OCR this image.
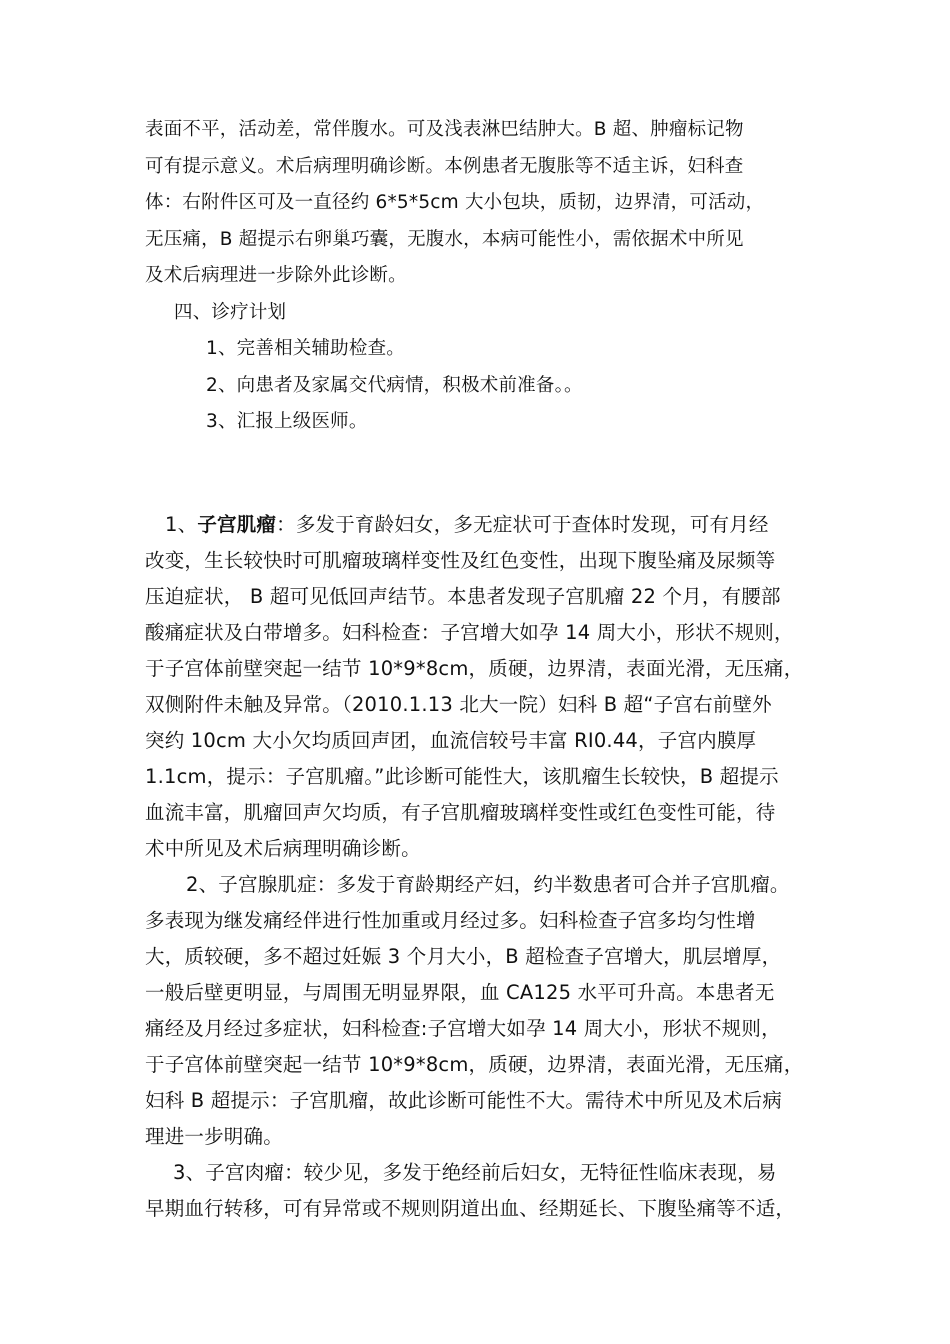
表面不平，活动差，常伴腹水。可及浅表淋巴结肿大。B 超、肿瘤标记物
可有提示意义。术后病理明确诊断。本例患者无腹胀等不适主诉，妇科查
体：右附件区可及一直径约 6*5*5cm 大小包块，质韧，边界清，可活动，
无压痛，B 超提示右卵巢巧囊，无腹水，本病可能性小，需依据术中所见
及术后病理进一步除外此诊断。
四、诊疗计划
1、完善相关辅助检查。
2、向患者及家属交代病情，积极术前准备。。
3、汇报上级医师。
1、子宫肌瘤：多发于育龄妇女，多无症状可于查体时发现，可有月经
改变，生长较快时可肌瘤玻璃样变性及红色变性，出现下腹坠痛及尿频等
压迫症状， B 超可见低回声结节。本患者发现子宫肌瘤 22 个月，有腰部
酸痛症状及白带增多。妇科检查：子宫增大如孕 14 周大小，形状不规则，
于子宫体前壁突起一结节 10*9*8cm，质硬，边界清，表面光滑，无压痛，
双侧附件未触及异常。（2010.1.13 北大一院）妇科 B 超“子宫右前壁外
突约 10cm 大小欠均质回声团，血流信较号丰富 RI0.44，子宫内膜厚
1.1cm，提示：子宫肌瘤。”此诊断可能性大，该肌瘤生长较快，B 超提示
血流丰富，肌瘤回声欠均质，有子宫肌瘤玻璃样变性或红色变性可能，待
术中所见及术后病理明确诊断。
2、子宫腺肌症：多发于育龄期经产妇，约半数患者可合并子宫肌瘤。
多表现为继发痛经伴进行性加重或月经过多。妇科检查子宫多均匀性增
大，质较硬，多不超过妊娠 3 个月大小，B 超检查子宫增大，肌层增厚，
一般后壁更明显，与周围无明显界限，血 CA125 水平可升高。本患者无
痛经及月经过多症状，妇科检查:子宫增大如孕 14 周大小，形状不规则，
于子宫体前壁突起一结节 10*9*8cm，质硬，边界清，表面光滑，无压痛，
妇科 B 超提示：子宫肌瘤，故此诊断可能性不大。需待术中所见及术后病
理进一步明确。
3、子宫肉瘤：较少见，多发于绝经前后妇女，无特征性临床表现，易
早期血行转移，可有异常或不规则阴道出血、经期延长、下腹坠痛等不适，
